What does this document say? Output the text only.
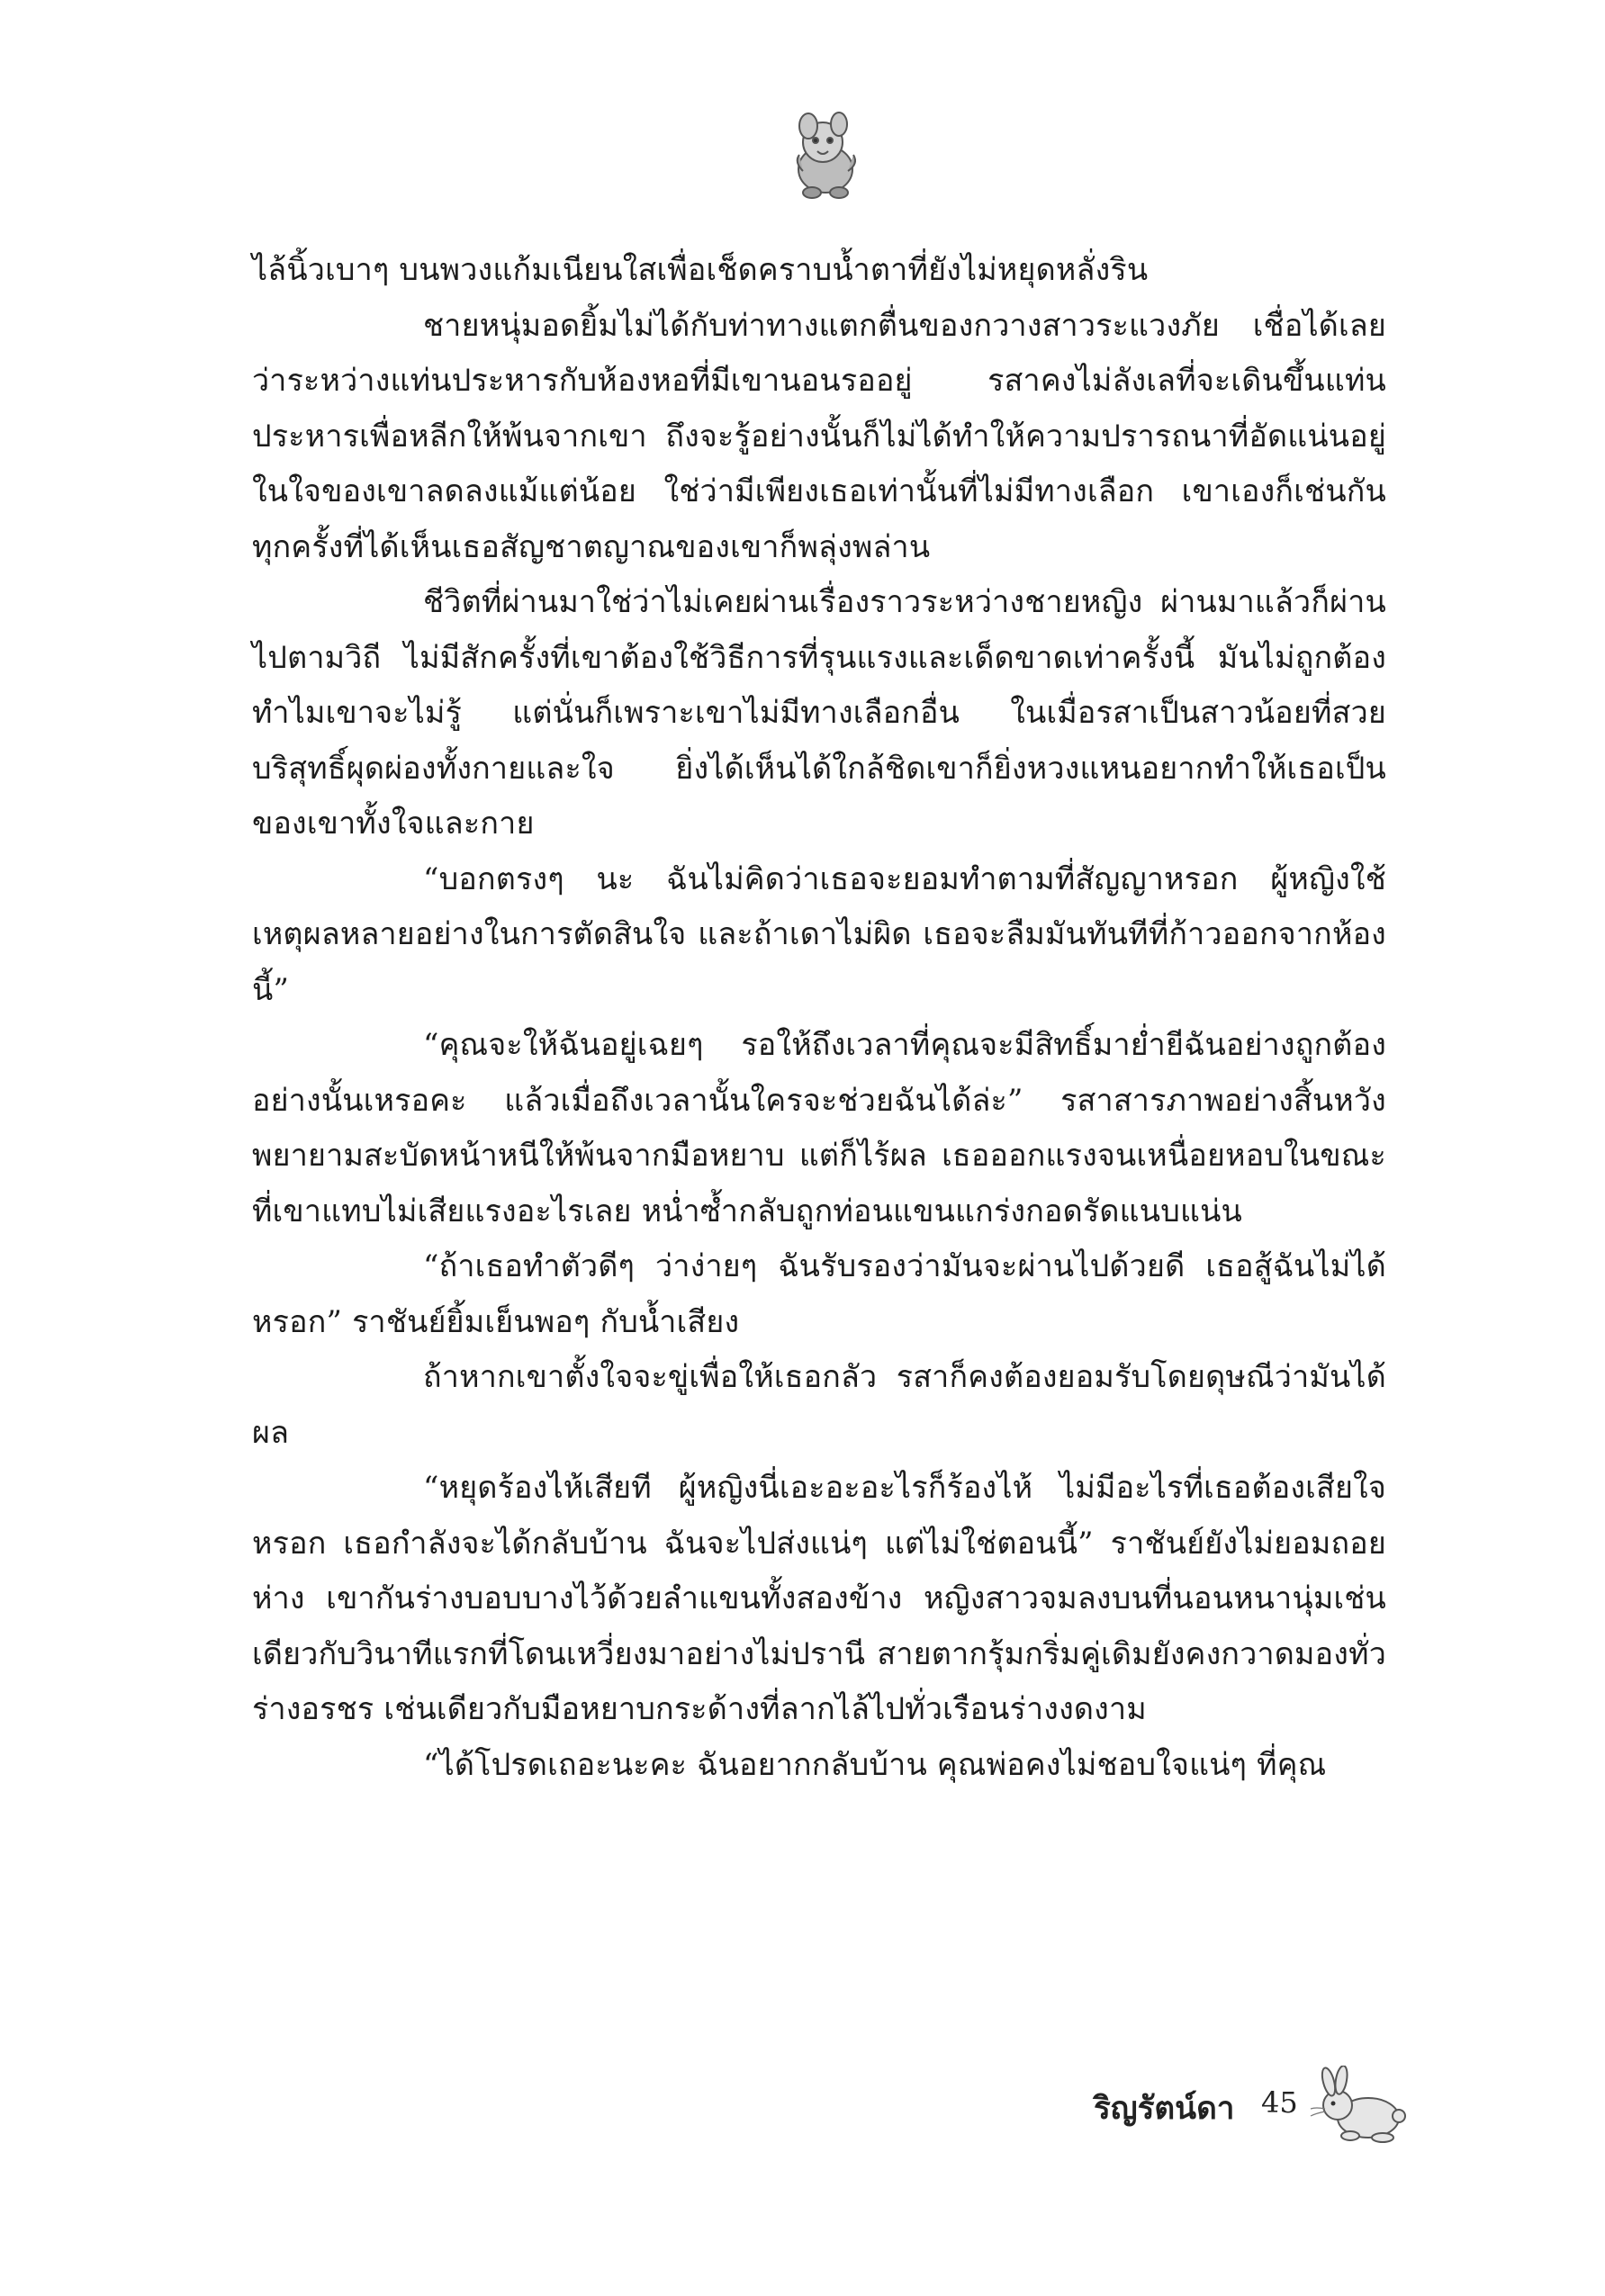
ไล้นิ้วเบาๆ บนพวงแก้มเนียนใสเพื่อเช็ดคราบน้ำตาที่ยังไม่หยุดหลั่งริน

ชายหนุ่มอดยิ้มไม่ได้กับท่าทางแตกตื่นของกวางสาวระแวงภัย เชื่อได้เลยว่าระหว่างแท่นประหารกับห้องหอที่มีเขานอนรออยู่ รสาคงไม่ลังเลที่จะเดินขึ้นแท่นประหารเพื่อหลีกให้พ้นจากเขา ถึงจะรู้อย่างนั้นก็ไม่ได้ทำให้ความปรารถนาที่อัดแน่นอยู่ในใจของเขาลดลงแม้แต่น้อย ใช่ว่ามีเพียงเธอเท่านั้นที่ไม่มีทางเลือก เขาเองก็เช่นกัน ทุกครั้งที่ได้เห็นเธอสัญชาตญาณของเขาก็พลุ่งพล่าน

ชีวิตที่ผ่านมาใช่ว่าไม่เคยผ่านเรื่องราวระหว่างชายหญิง ผ่านมาแล้วก็ผ่านไปตามวิถี ไม่มีสักครั้งที่เขาต้องใช้วิธีการที่รุนแรงและเด็ดขาดเท่าครั้งนี้ มันไม่ถูกต้อง ทำไมเขาจะไม่รู้ แต่นั่นก็เพราะเขาไม่มีทางเลือกอื่น ในเมื่อรสาเป็นสาวน้อยที่สวยบริสุทธิ์ผุดผ่องทั้งกายและใจ ยิ่งได้เห็นได้ใกล้ชิดเขาก็ยิ่งหวงแหนอยากทำให้เธอเป็นของเขาทั้งใจและกาย

“บอกตรงๆ นะ ฉันไม่คิดว่าเธอจะยอมทำตามที่สัญญาหรอก ผู้หญิงใช้เหตุผลหลายอย่างในการตัดสินใจ และถ้าเดาไม่ผิด เธอจะลืมมันทันทีที่ก้าวออกจากห้องนี้”

“คุณจะให้ฉันอยู่เฉยๆ รอให้ถึงเวลาที่คุณจะมีสิทธิ์มาย่ำยีฉันอย่างถูกต้องอย่างนั้นเหรอคะ แล้วเมื่อถึงเวลานั้นใครจะช่วยฉันได้ล่ะ” รสาสารภาพอย่างสิ้นหวัง พยายามสะบัดหน้าหนีให้พ้นจากมือหยาบ แต่ก็ไร้ผล เธอออกแรงจนเหนื่อยหอบในขณะที่เขาแทบไม่เสียแรงอะไรเลย หน่ำซ้ำกลับถูกท่อนแขนแกร่งกอดรัดแนบแน่น

“ถ้าเธอทำตัวดีๆ ว่าง่ายๆ ฉันรับรองว่ามันจะผ่านไปด้วยดี เธอสู้ฉันไม่ได้หรอก” ราชันย์ยิ้มเย็นพอๆ กับน้ำเสียง

ถ้าหากเขาตั้งใจจะขู่เพื่อให้เธอกลัว รสาก็คงต้องยอมรับโดยดุษณีว่ามันได้ผล

“หยุดร้องไห้เสียที ผู้หญิงนี่เอะอะอะไรก็ร้องไห้ ไม่มีอะไรที่เธอต้องเสียใจหรอก เธอกำลังจะได้กลับบ้าน ฉันจะไปส่งแน่ๆ แต่ไม่ใช่ตอนนี้” ราชันย์ยังไม่ยอมถอยห่าง เขากันร่างบอบบางไว้ด้วยลำแขนทั้งสองข้าง หญิงสาวจมลงบนที่นอนหนานุ่มเช่นเดียวกับวินาทีแรกที่โดนเหวี่ยงมาอย่างไม่ปรานี สายตากรุ้มกริ่มคู่เดิมยังคงกวาดมองทั่วร่างอรชร เช่นเดียวกับมือหยาบกระด้างที่ลากไล้ไปทั่วเรือนร่างงดงาม

“ได้โปรดเถอะนะคะ ฉันอยากกลับบ้าน คุณพ่อคงไม่ชอบใจแน่ๆ ที่คุณ

ริญรัตน์ดา 45
